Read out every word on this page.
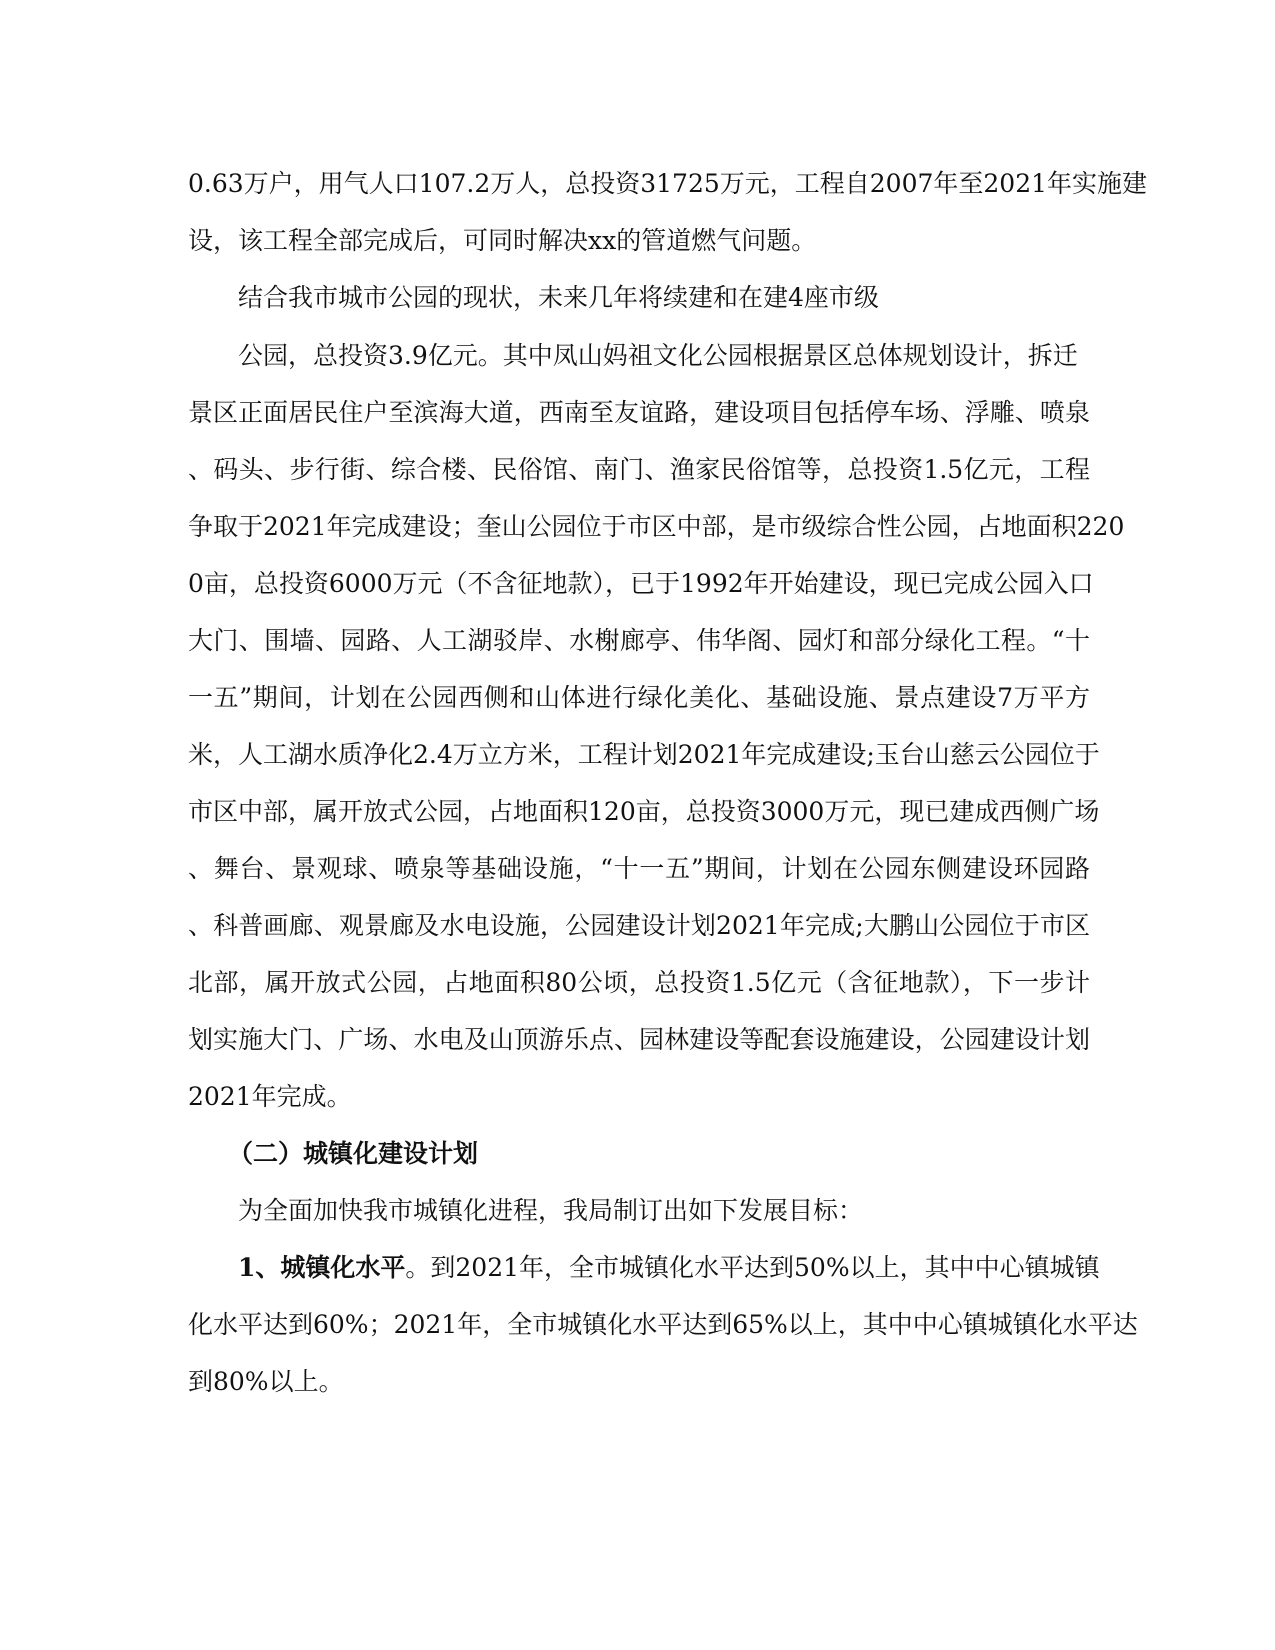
0.63万户，用气人口107.2万人，总投资31725万元，工程自2007年至2021年实施建

设，该工程全部完成后，可同时解决xx的管道燃气问题。

结合我市城市公园的现状，未来几年将续建和在建4座市级

公园，总投资3.9亿元。其中凤山妈祖文化公园根据景区总体规划设计，拆迁

景区正面居民住户至滨海大道，西南至友谊路，建设项目包括停车场、浮雕、喷泉

、码头、步行街、综合楼、民俗馆、南门、渔家民俗馆等，总投资1.5亿元，工程

争取于2021年完成建设；奎山公园位于市区中部，是市级综合性公园，占地面积220

0亩，总投资6000万元（不含征地款），已于1992年开始建设，现已完成公园入口

大门、围墙、园路、人工湖驳岸、水榭廊亭、伟华阁、园灯和部分绿化工程。“十

一五”期间，计划在公园西侧和山体进行绿化美化、基础设施、景点建设7万平方

米，人工湖水质净化2.4万立方米，工程计划2021年完成建设;玉台山慈云公园位于

市区中部，属开放式公园，占地面积120亩，总投资3000万元，现已建成西侧广场

、舞台、景观球、喷泉等基础设施，“十一五”期间，计划在公园东侧建设环园路

、科普画廊、观景廊及水电设施，公园建设计划2021年完成;大鹏山公园位于市区

北部，属开放式公园，占地面积80公顷，总投资1.5亿元（含征地款），下一步计

划实施大门、广场、水电及山顶游乐点、园林建设等配套设施建设，公园建设计划

2021年完成。

（二）城镇化建设计划

为全面加快我市城镇化进程，我局制订出如下发展目标：

1、城镇化水平。到2021年，全市城镇化水平达到50%以上，其中中心镇城镇

化水平达到60%；2021年，全市城镇化水平达到65%以上，其中中心镇城镇化水平达

到80%以上。
